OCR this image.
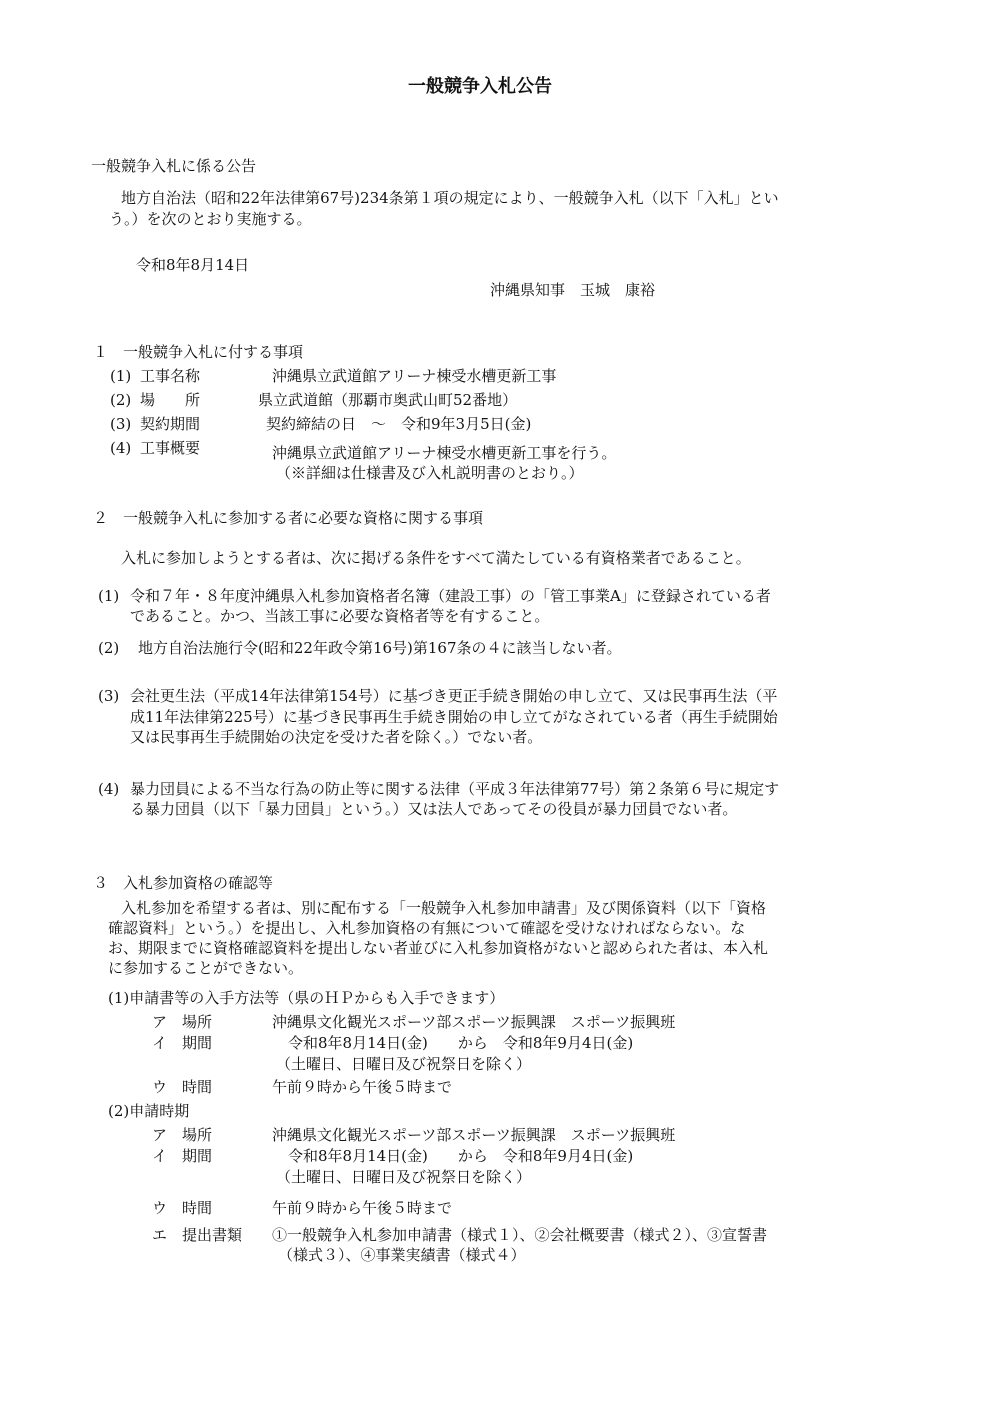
一般競争入札公告
一般競争入札に係る公告
地方自治法（昭和22年法律第67号)234条第１項の規定により、一般競争入札（以下「入札」とい
う。）を次のとおり実施する。
令和8年8月14日
沖縄県知事　玉城　康裕
１　一般競争入札に付する事項
(1) 工事名称	沖縄県立武道館アリーナ棟受水槽更新工事
(2) 場　　所	県立武道館（那覇市奥武山町52番地）
(3) 契約期間	契約締結の日　～　令和9年3月5日(金)
(4) 工事概要	沖縄県立武道館アリーナ棟受水槽更新工事を行う。
（※詳細は仕様書及び入札説明書のとおり。）
２　一般競争入札に参加する者に必要な資格に関する事項
入札に参加しようとする者は、次に掲げる条件をすべて満たしている有資格業者であること。
(1) 令和７年・８年度沖縄県入札参加資格者名簿（建設工事）の「管工事業A」に登録されている者
であること。かつ、当該工事に必要な資格者等を有すること。
(2) 地方自治法施行令(昭和22年政令第16号)第167条の４に該当しない者。
(3) 会社更生法（平成14年法律第154号）に基づき更正手続き開始の申し立て、又は民事再生法（平
成11年法律第225号）に基づき民事再生手続き開始の申し立てがなされている者（再生手続開始
又は民事再生手続開始の決定を受けた者を除く。）でない者。
(4) 暴力団員による不当な行為の防止等に関する法律（平成３年法律第77号）第２条第６号に規定す
る暴力団員（以下「暴力団員」という。）又は法人であってその役員が暴力団員でない者。
３　入札参加資格の確認等
入札参加を希望する者は、別に配布する「一般競争入札参加申請書」及び関係資料（以下「資格
確認資料」という。）を提出し、入札参加資格の有無について確認を受けなければならない。な
お、期限までに資格確認資料を提出しない者並びに入札参加資格がないと認められた者は、本入札
に参加することができない。
(1)申請書等の入手方法等（県のＨＰからも入手できます）
ア　場所	沖縄県文化観光スポーツ部スポーツ振興課　スポーツ振興班
イ　期間	令和8年8月14日(金)　　から　令和8年9月4日(金)
（土曜日、日曜日及び祝祭日を除く）
ウ　時間	午前９時から午後５時まで
(2)申請時期
ア　場所	沖縄県文化観光スポーツ部スポーツ振興課　スポーツ振興班
イ　期間	令和8年8月14日(金)　　から　令和8年9月4日(金)
（土曜日、日曜日及び祝祭日を除く）
ウ　時間	午前９時から午後５時まで
エ　提出書類 ①一般競争入札参加申請書（様式１）、②会社概要書（様式２）、③宣誓書
（様式３）、④事業実績書（様式４）
